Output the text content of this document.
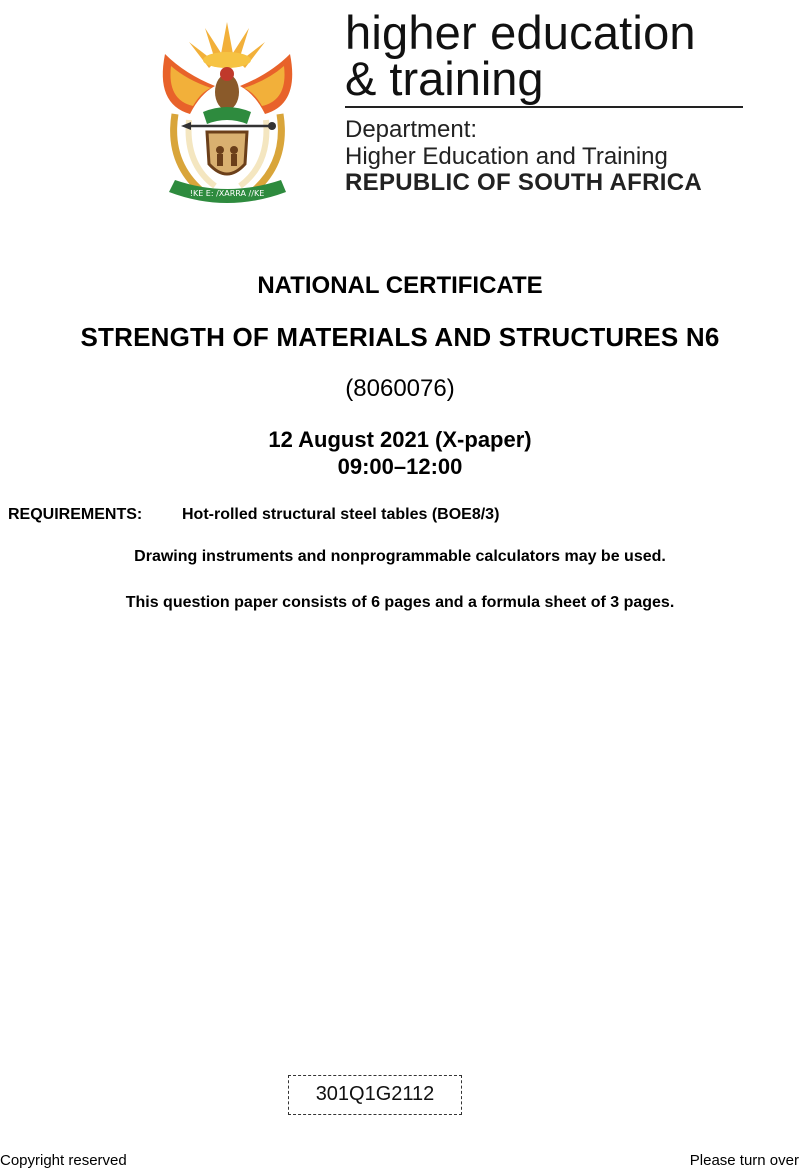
!KE E: /XARRA //KE
higher education
& training
Department:
Higher Education and Training
REPUBLIC OF SOUTH AFRICA
NATIONAL CERTIFICATE
STRENGTH OF MATERIALS AND STRUCTURES N6
(8060076)
12 August 2021 (X-paper)
09:00–12:00
REQUIREMENTS: Hot-rolled structural steel tables (BOE8/3)
Drawing instruments and nonprogrammable calculators may be used.
This question paper consists of 6 pages and a formula sheet of 3 pages.
301Q1G2112
Copyright reserved	Please turn over
